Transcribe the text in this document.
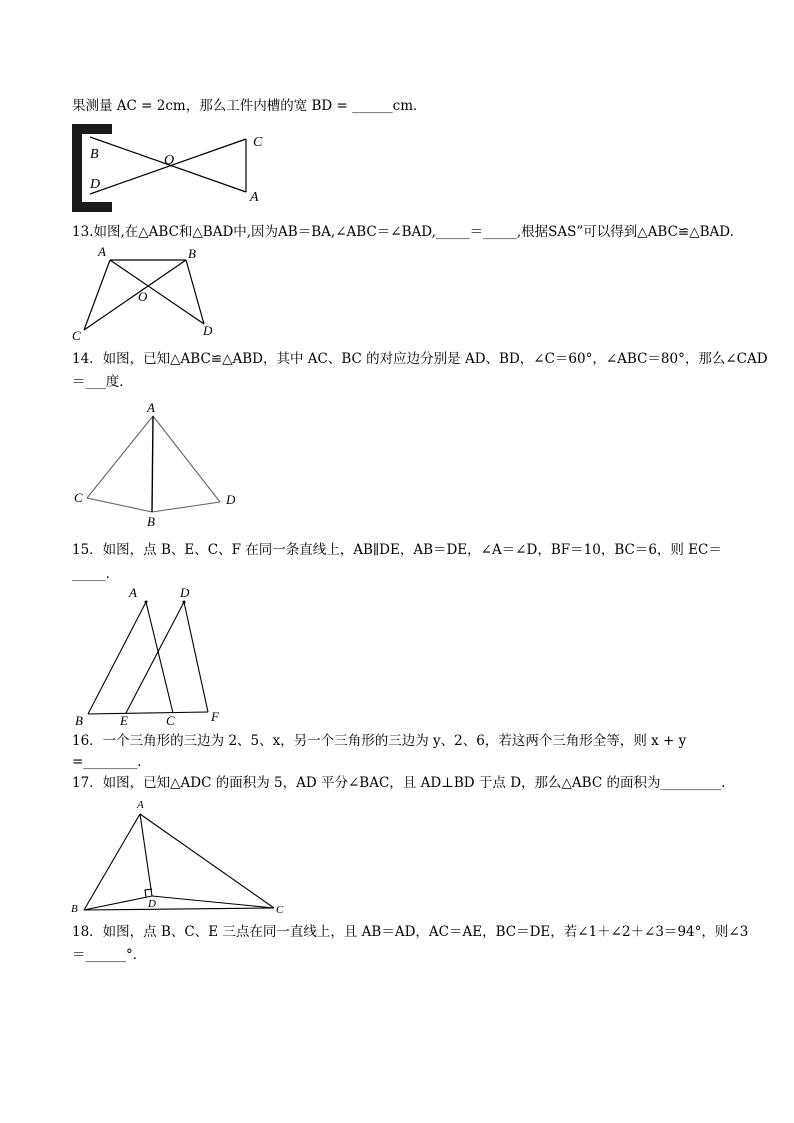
果测量 AC = 2cm，那么工件内槽的宽 BD = ______cm．
13.如图,在△ABC和△BAD中,因为AB＝BA,∠ABC＝∠BAD,_____＝_____,根据SAS”可以得到△ABC≌△BAD.
14．如图，已知△ABC≌△ABD，其中 AC、BC 的对应边分别是 AD、BD，∠C＝60°，∠ABC＝80°，那么∠CAD
＝___度．
15．如图，点 B、E、C、F 在同一条直线上，AB∥DE，AB＝DE，∠A＝∠D，BF＝10，BC＝6，则 EC＝
_____．
16．一个三角形的三边为 2、5、x，另一个三角形的三边为 y、2、6，若这两个三角形全等，则 x + y
=________．
17．如图，已知△ADC 的面积为 5，AD 平分∠BAC，且 AD⊥BD 于点 D，那么△ABC 的面积为_________.
18．如图，点 B、C、E 三点在同一直线上，且 AB＝AD，AC＝AE，BC＝DE，若∠1＋∠2＋∠3＝94°，则∠3
＝______°．
B	O
D
C
A
A	B
O
C	D
A
C
B
D
A	D
B	E	C	F
A
B	D	C
